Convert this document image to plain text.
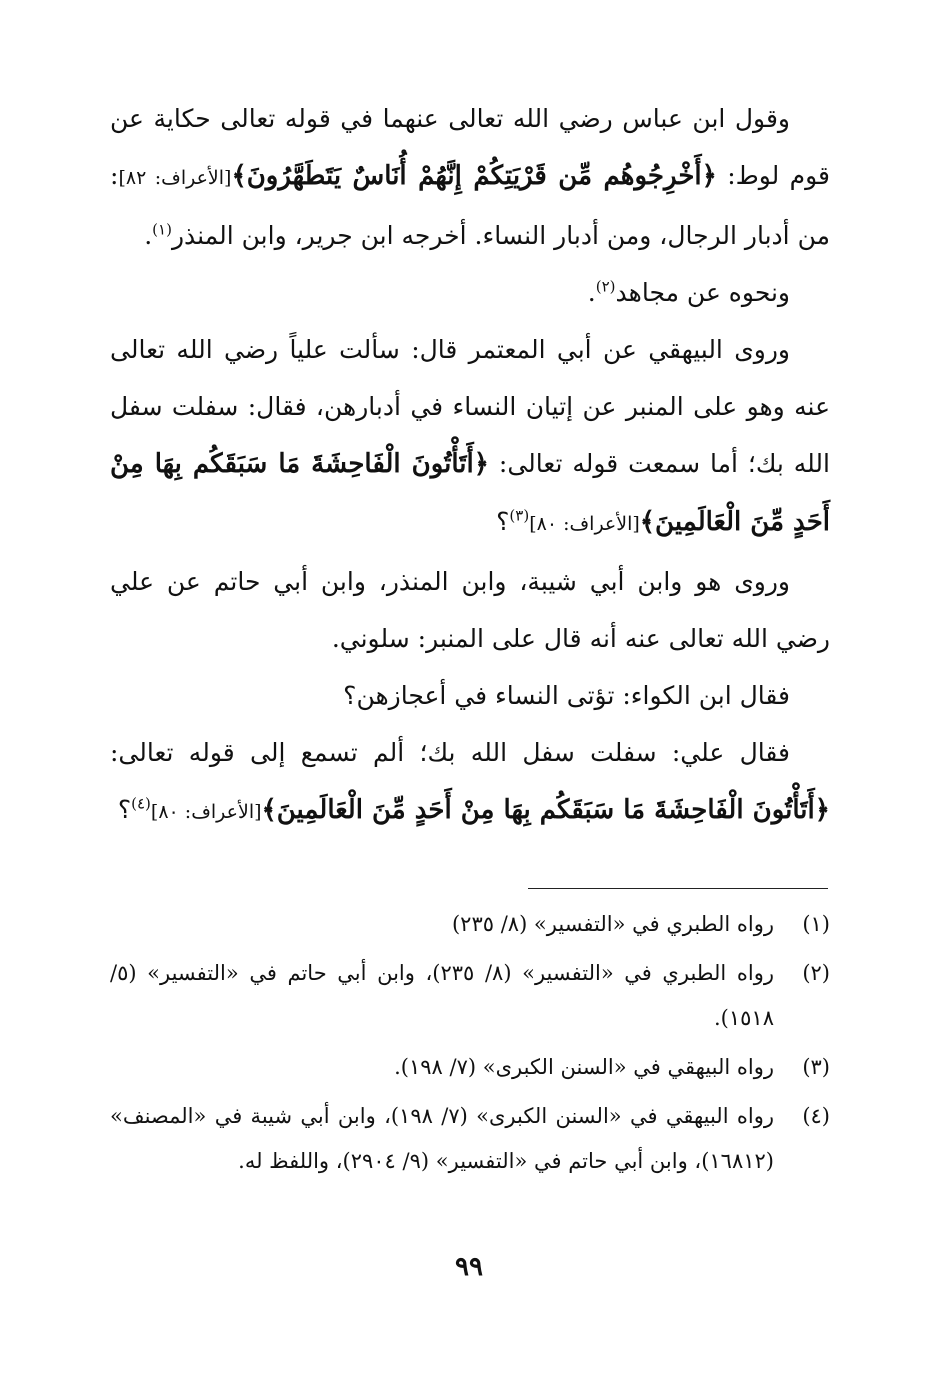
وقول ابن عباس رضي الله تعالى عنهما في قوله تعالى حكاية عن قوم لوط: ﴿أَخْرِجُوهُم مِّن قَرْيَتِكُمْ إِنَّهُمْ أُنَاسٌ يَتَطَهَّرُونَ﴾[الأعراف: ٨٢]: من أدبار الرجال، ومن أدبار النساء. أخرجه ابن جرير، وابن المنذر$^{(١)}$.

ونحوه عن مجاهد$^{(٢)}$.

وروى البيهقي عن أبي المعتمر قال: سألت علياً رضي الله تعالى عنه وهو على المنبر عن إتيان النساء في أدبارهن، فقال: سفلت سفل الله بك؛ أما سمعت قوله تعالى: ﴿أَتَأْتُونَ الْفَاحِشَةَ مَا سَبَقَكُم بِهَا مِنْ أَحَدٍ مِّنَ الْعَالَمِينَ﴾[الأعراف: ٨٠]$^{(٣)}$؟

وروى هو وابن أبي شيبة، وابن المنذر، وابن أبي حاتم عن علي رضي الله تعالى عنه أنه قال على المنبر: سلوني.

فقال ابن الكواء: تؤتى النساء في أعجازهن؟

فقال علي: سفلت سفل الله بك؛ ألم تسمع إلى قوله تعالى: ﴿أَتَأْتُونَ الْفَاحِشَةَ مَا سَبَقَكُم بِهَا مِنْ أَحَدٍ مِّنَ الْعَالَمِينَ﴾[الأعراف: ٨٠]$^{(٤)}$؟

(١)
رواه الطبري في «التفسير» (٨/ ٢٣٥)
(٢)
رواه الطبري في «التفسير» (٨/ ٢٣٥)، وابن أبي حاتم في «التفسير» (٥/ ١٥١٨).
(٣)
رواه البيهقي في «السنن الكبرى» (٧/ ١٩٨).
(٤)
رواه البيهقي في «السنن الكبرى» (٧/ ١٩٨)، وابن أبي شيبة في «المصنف» (١٦٨١٢)، وابن أبي حاتم في «التفسير» (٩/ ٢٩٠٤)، واللفظ له.
٩٩
